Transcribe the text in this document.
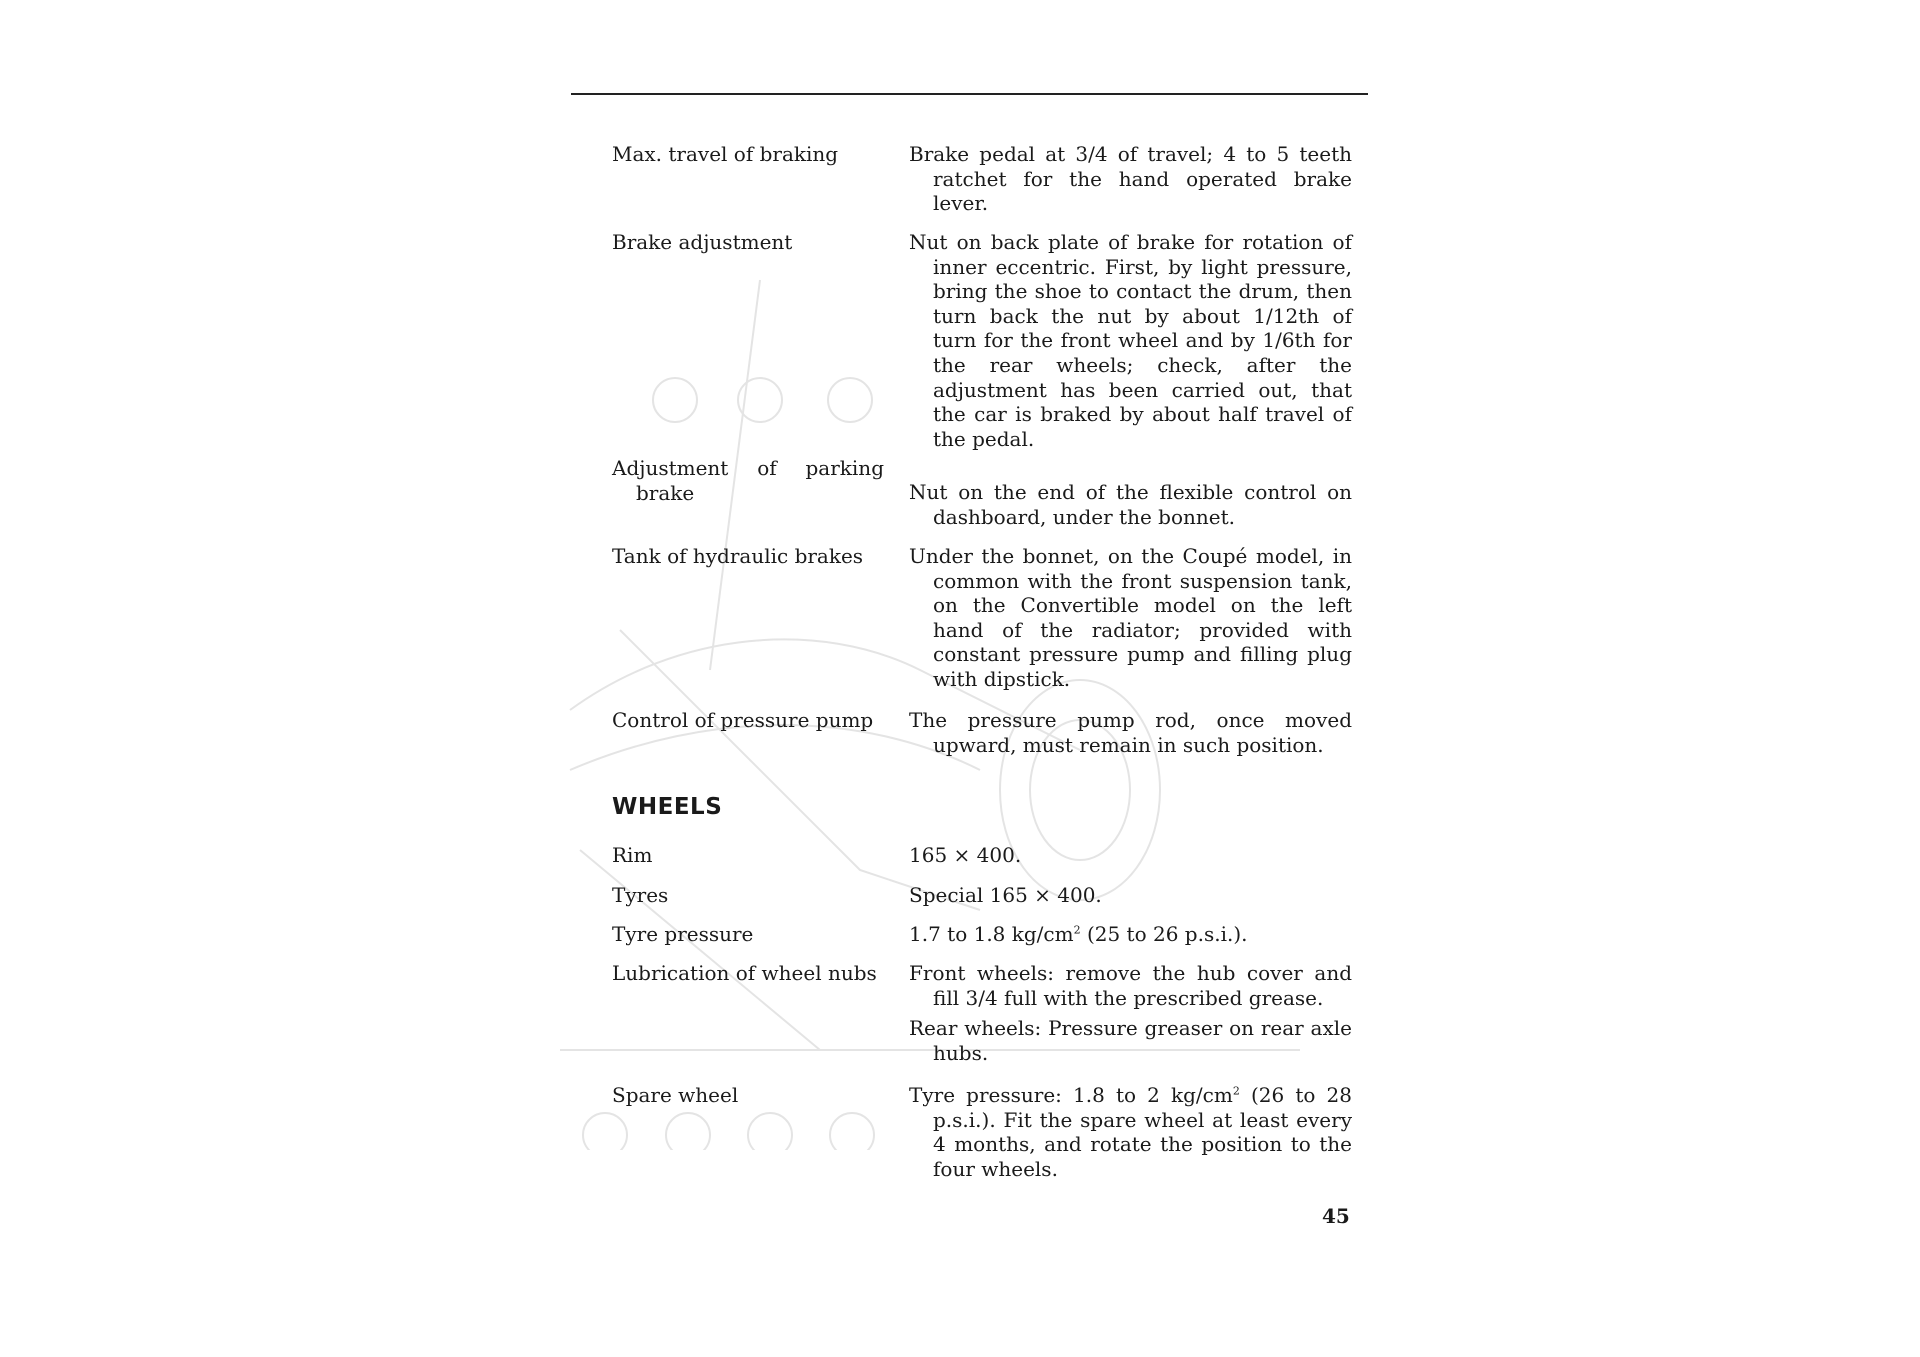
Max. travel of braking	Brake pedal at 3/4 of travel; 4 to 5 teeth ratchet for the hand operated brake lever.
Brake adjustment	Nut on back plate of brake for rotation of inner eccentric. First, by light pressure, bring the shoe to contact the drum, then turn back the nut by about 1/12th of turn for the front wheel and by 1/6th for the rear wheels; check, after the adjustment has been carried out, that the car is braked by about half travel of the pedal.
Adjustment of parking brake	Nut on the end of the flexible control on dashboard, under the bonnet.
Tank of hydraulic brakes	Under the bonnet, on the Coupé model, in common with the front suspension tank, on the Convertible model on the left hand of the radiator; provided with constant pressure pump and filling plug with dipstick.
Control of pressure pump	The pressure pump rod, once moved upward, must remain in such position.
WHEELS
Rim	165 × 400.
Tyres	Special 165 × 400.
Tyre pressure	1.7 to 1.8 $kg/cm^2$ (25 to 26 p.s.i.).
Lubrication of wheel nubs	Front wheels: remove the hub cover and fill 3/4 full with the prescribed grease.

Rear wheels: Pressure greaser on rear axle hubs.

Spare wheel	Tyre pressure: 1.8 to 2 $kg/cm^2$ (26 to 28 p.s.i.). Fit the spare wheel at least every 4 months, and rotate the position to the four wheels.
45
